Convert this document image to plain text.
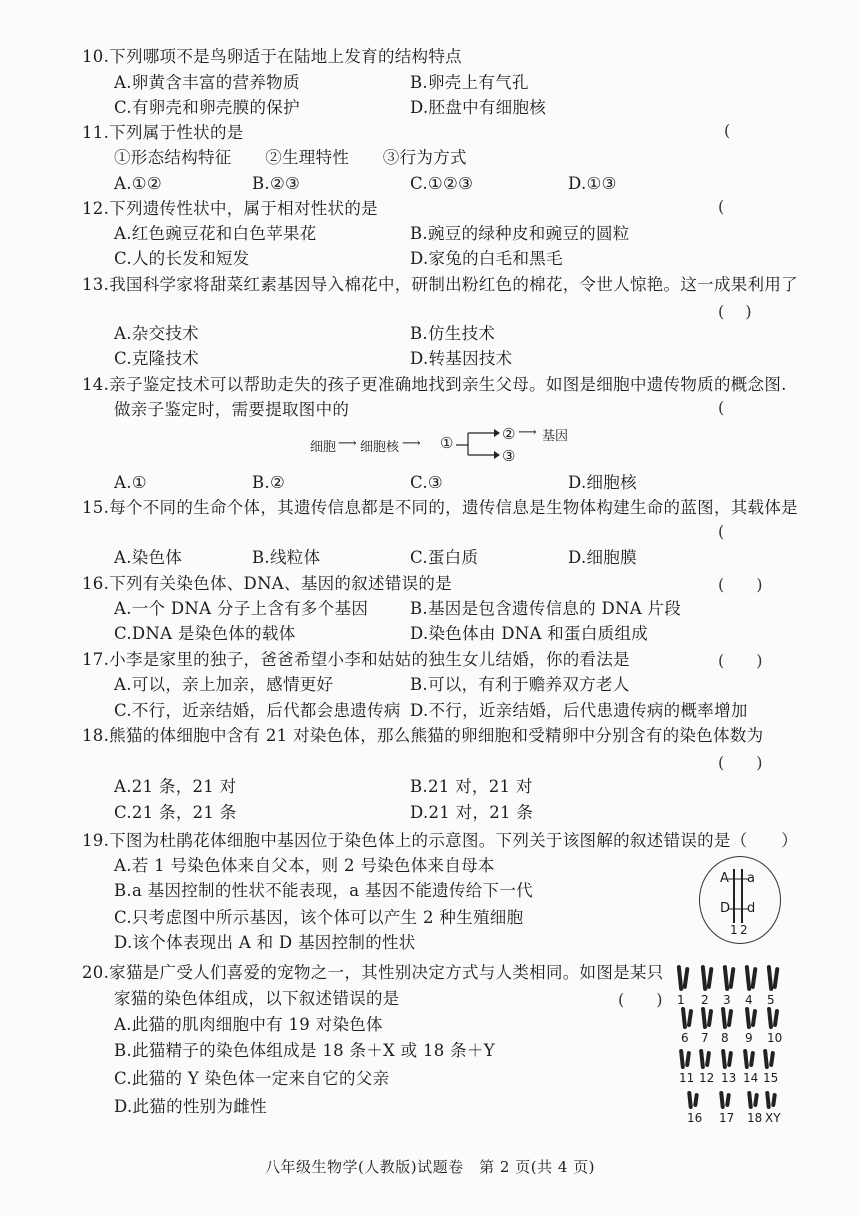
10.下列哪项不是鸟卵适于在陆地上发育的结构特点
A.卵黄含丰富的营养物质	B.卵壳上有气孔
C.有卵壳和卵壳膜的保护	D.胚盘中有细胞核
11.下列属于性状的是	(
①形态结构特征　　②生理特性　　③行为方式
A.①②	B.②③	C.①②③	D.①③
12.下列遗传性状中，属于相对性状的是	(
A.红色豌豆花和白色苹果花	B.豌豆的绿种皮和豌豆的圆粒
C.人的长发和短发	D.家兔的白毛和黑毛
13.我国科学家将甜菜红素基因导入棉花中，研制出粉红色的棉花，令世人惊艳。这一成果利用了
(　 )
A.杂交技术	B.仿生技术
C.克隆技术	D.转基因技术
14.亲子鉴定技术可以帮助走失的孩子更准确地找到亲生父母。如图是细胞中遗传物质的概念图.
做亲子鉴定时，需要提取图中的	(
细胞 ⟶ 细胞核 ⟶ ①	② ⟶ 基因
③
A.①	B.②	C.③	D.细胞核
15.每个不同的生命个体，其遗传信息都是不同的，遗传信息是生物体构建生命的蓝图，其载体是
(
A.染色体	B.线粒体	C.蛋白质	D.细胞膜
16.下列有关染色体、DNA、基因的叙述错误的是	(　　)
A.一个 DNA 分子上含有多个基因	B.基因是包含遗传信息的 DNA 片段
C.DNA 是染色体的载体	D.染色体由 DNA 和蛋白质组成
17.小李是家里的独子，爸爸希望小李和姑姑的独生女儿结婚，你的看法是	(　　)
A.可以，亲上加亲，感情更好	B.可以，有利于赡养双方老人
C.不行，近亲结婚，后代都会患遗传病 D.不行，近亲结婚，后代患遗传病的概率增加
18.熊猫的体细胞中含有 21 对染色体，那么熊猫的卵细胞和受精卵中分别含有的染色体数为
(　　)
A.21 条，21 对	B.21 对，21 对
C.21 条，21 条	D.21 对，21 条
19.下图为杜鹃花体细胞中基因位于染色体上的示意图。下列关于该图解的叙述错误的是（　　）
A.若 1 号染色体来自父本，则 2 号染色体来自母本
B.a 基因控制的性状不能表现，a 基因不能遗传给下一代
C.只考虑图中所示基因，该个体可以产生 2 种生殖细胞
D.该个体表现出 A 和 D 基因控制的性状
A a
D d
1 2
20.家猫是广受人们喜爱的宠物之一，其性别决定方式与人类相同。如图是某只
家猫的染色体组成，以下叙述错误的是	(　　)
A.此猫的肌肉细胞中有 19 对染色体
B.此猫精子的染色体组成是 18 条＋X 或 18 条＋Y
C.此猫的 Y 染色体一定来自它的父亲
D.此猫的性别为雌性
1 2 3 4 5
6 7 8 9 10
11 12 13 14 15
16 17 18 XY
八年级生物学(人教版)试题卷　第 2 页(共 4 页)
